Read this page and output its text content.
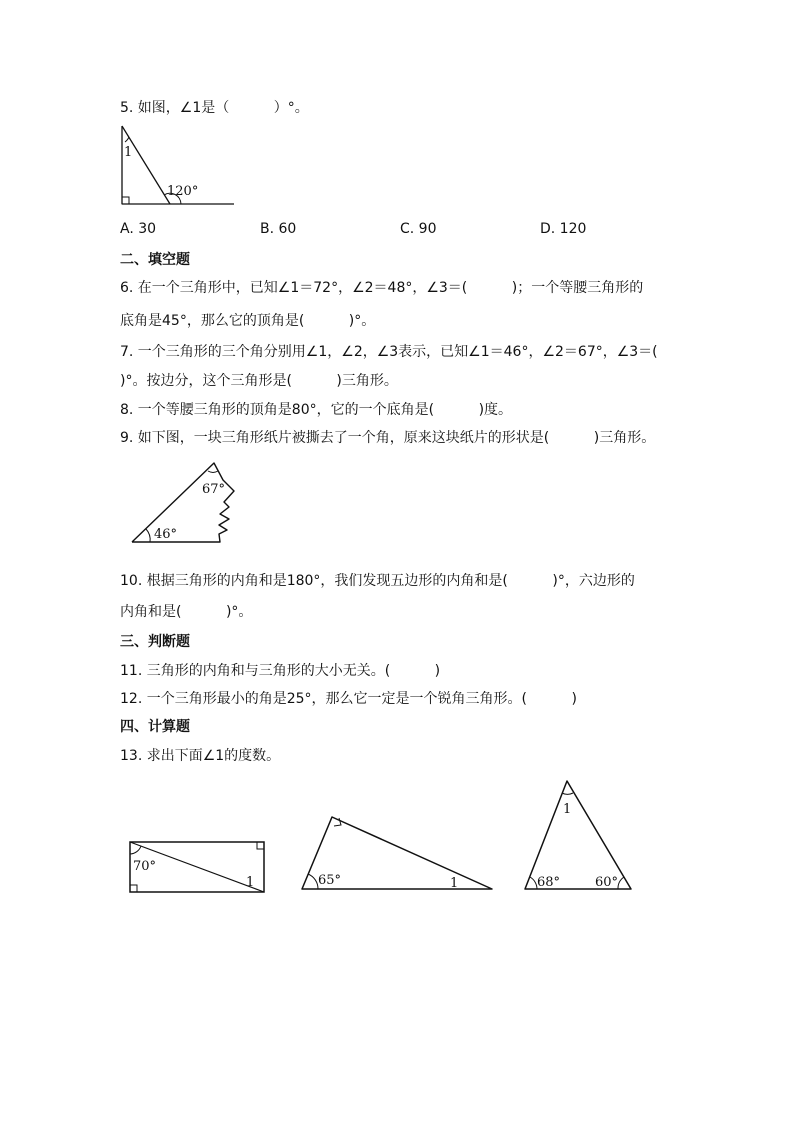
5. 如图，∠1是（          ）°。
1
120°
A. 30	B. 60	C. 90	D. 120
二、填空题
6. 在一个三角形中，已知∠1＝72°，∠2＝48°，∠3＝(          )；一个等腰三角形的
底角是45°，那么它的顶角是(          )°。
7. 一个三角形的三个角分别用∠1，∠2，∠3表示，已知∠1＝46°，∠2＝67°，∠3＝(
)°。按边分，这个三角形是(          )三角形。
8. 一个等腰三角形的顶角是80°，它的一个底角是(          )度。
9. 如下图，一块三角形纸片被撕去了一个角，原来这块纸片的形状是(          )三角形。
67°
46°
10. 根据三角形的内角和是180°，我们发现五边形的内角和是(          )°，六边形的
内角和是(          )°。
三、判断题
11. 三角形的内角和与三角形的大小无关。(          )
12. 一个三角形最小的角是25°，那么它一定是一个锐角三角形。(          )
四、计算题
13. 求出下面∠1的度数。
70°
1	65°	1
1
68°	60°
